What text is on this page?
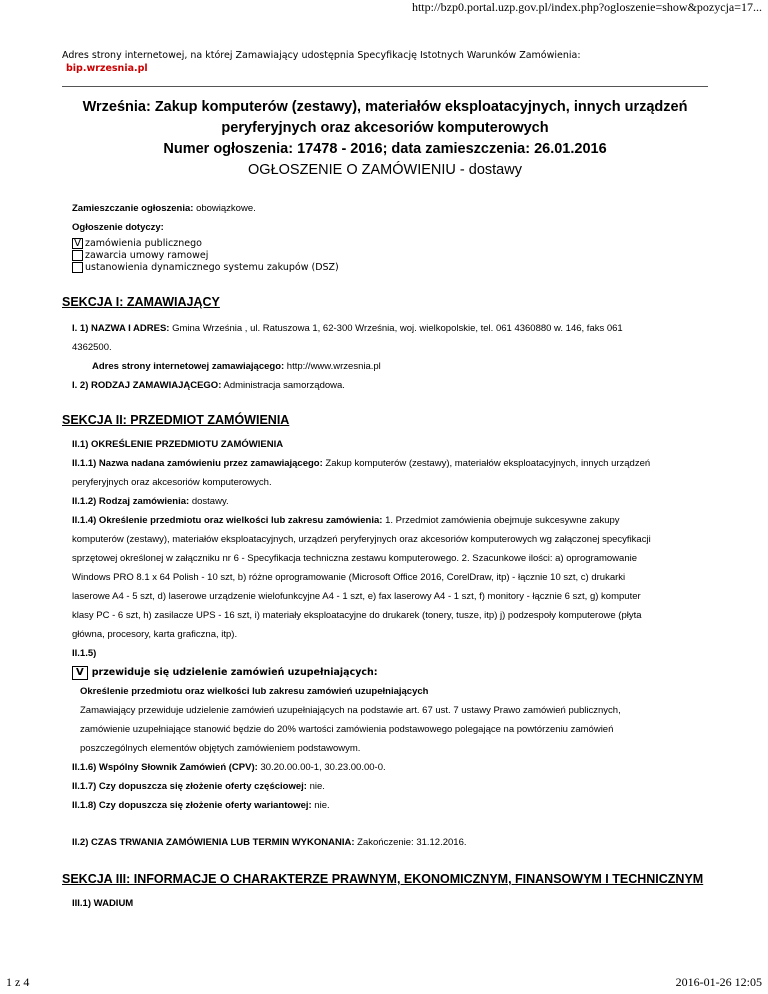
http://bzp0.portal.uzp.gov.pl/index.php?ogloszenie=show&pozycja=17...
Adres strony internetowej, na której Zamawiający udostępnia Specyfikację Istotnych Warunków Zamówienia:
bip.wrzesnia.pl
Września: Zakup komputerów (zestawy), materiałów eksploatacyjnych, innych urządzeń
peryferyjnych oraz akcesoriów komputerowych
Numer ogłoszenia: 17478 - 2016; data zamieszczenia: 26.01.2016
OGŁOSZENIE O ZAMÓWIENIU - dostawy
Zamieszczanie ogłoszenia: obowiązkowe.
Ogłoszenie dotyczy:
V zamówienia publicznego
zawarcia umowy ramowej
ustanowienia dynamicznego systemu zakupów (DSZ)
SEKCJA I: ZAMAWIAJĄCY
I. 1) NAZWA I ADRES: Gmina Września , ul. Ratuszowa 1, 62-300 Września, woj. wielkopolskie, tel. 061 4360880 w. 146, faks 061
4362500.
Adres strony internetowej zamawiającego: http://www.wrzesnia.pl
I. 2) RODZAJ ZAMAWIAJĄCEGO: Administracja samorządowa.
SEKCJA II: PRZEDMIOT ZAMÓWIENIA
II.1) OKREŚLENIE PRZEDMIOTU ZAMÓWIENIA
II.1.1) Nazwa nadana zamówieniu przez zamawiającego: Zakup komputerów (zestawy), materiałów eksploatacyjnych, innych urządzeń
peryferyjnych oraz akcesoriów komputerowych.
II.1.2) Rodzaj zamówienia: dostawy.
II.1.4) Określenie przedmiotu oraz wielkości lub zakresu zamówienia: 1. Przedmiot zamówienia obejmuje sukcesywne zakupy
komputerów (zestawy), materiałów eksploatacyjnych, urządzeń peryferyjnych oraz akcesoriów komputerowych wg załączonej specyfikacji
sprzętowej określonej w załączniku nr 6 - Specyfikacja techniczna zestawu komputerowego. 2. Szacunkowe ilości: a) oprogramowanie
Windows PRO 8.1 x 64 Polish - 10 szt, b) różne oprogramowanie (Microsoft Office 2016, CorelDraw, itp) - łącznie 10 szt, c) drukarki
laserowe A4 - 5 szt, d) laserowe urządzenie wielofunkcyjne A4 - 1 szt, e) fax laserowy A4 - 1 szt, f) monitory - łącznie 6 szt, g) komputer
klasy PC - 6 szt, h) zasilacze UPS - 16 szt, i) materiały eksploatacyjne do drukarek (tonery, tusze, itp) j) podzespoły komputerowe (płyta
główna, procesory, karta graficzna, itp).
II.1.5)
V przewiduje się udzielenie zamówień uzupełniających:
Określenie przedmiotu oraz wielkości lub zakresu zamówień uzupełniających
Zamawiający przewiduje udzielenie zamówień uzupełniających na podstawie art. 67 ust. 7 ustawy Prawo zamówień publicznych,
zamówienie uzupełniające stanowić będzie do 20% wartości zamówienia podstawowego polegające na powtórzeniu zamówień
poszczególnych elementów objętych zamówieniem podstawowym.
II.1.6) Wspólny Słownik Zamówień (CPV): 30.20.00.00-1, 30.23.00.00-0.
II.1.7) Czy dopuszcza się złożenie oferty częściowej: nie.
II.1.8) Czy dopuszcza się złożenie oferty wariantowej: nie.
II.2) CZAS TRWANIA ZAMÓWIENIA LUB TERMIN WYKONANIA: Zakończenie: 31.12.2016.
SEKCJA III: INFORMACJE O CHARAKTERZE PRAWNYM, EKONOMICZNYM, FINANSOWYM I TECHNICZNYM
III.1) WADIUM
1 z 4	2016-01-26 12:05
